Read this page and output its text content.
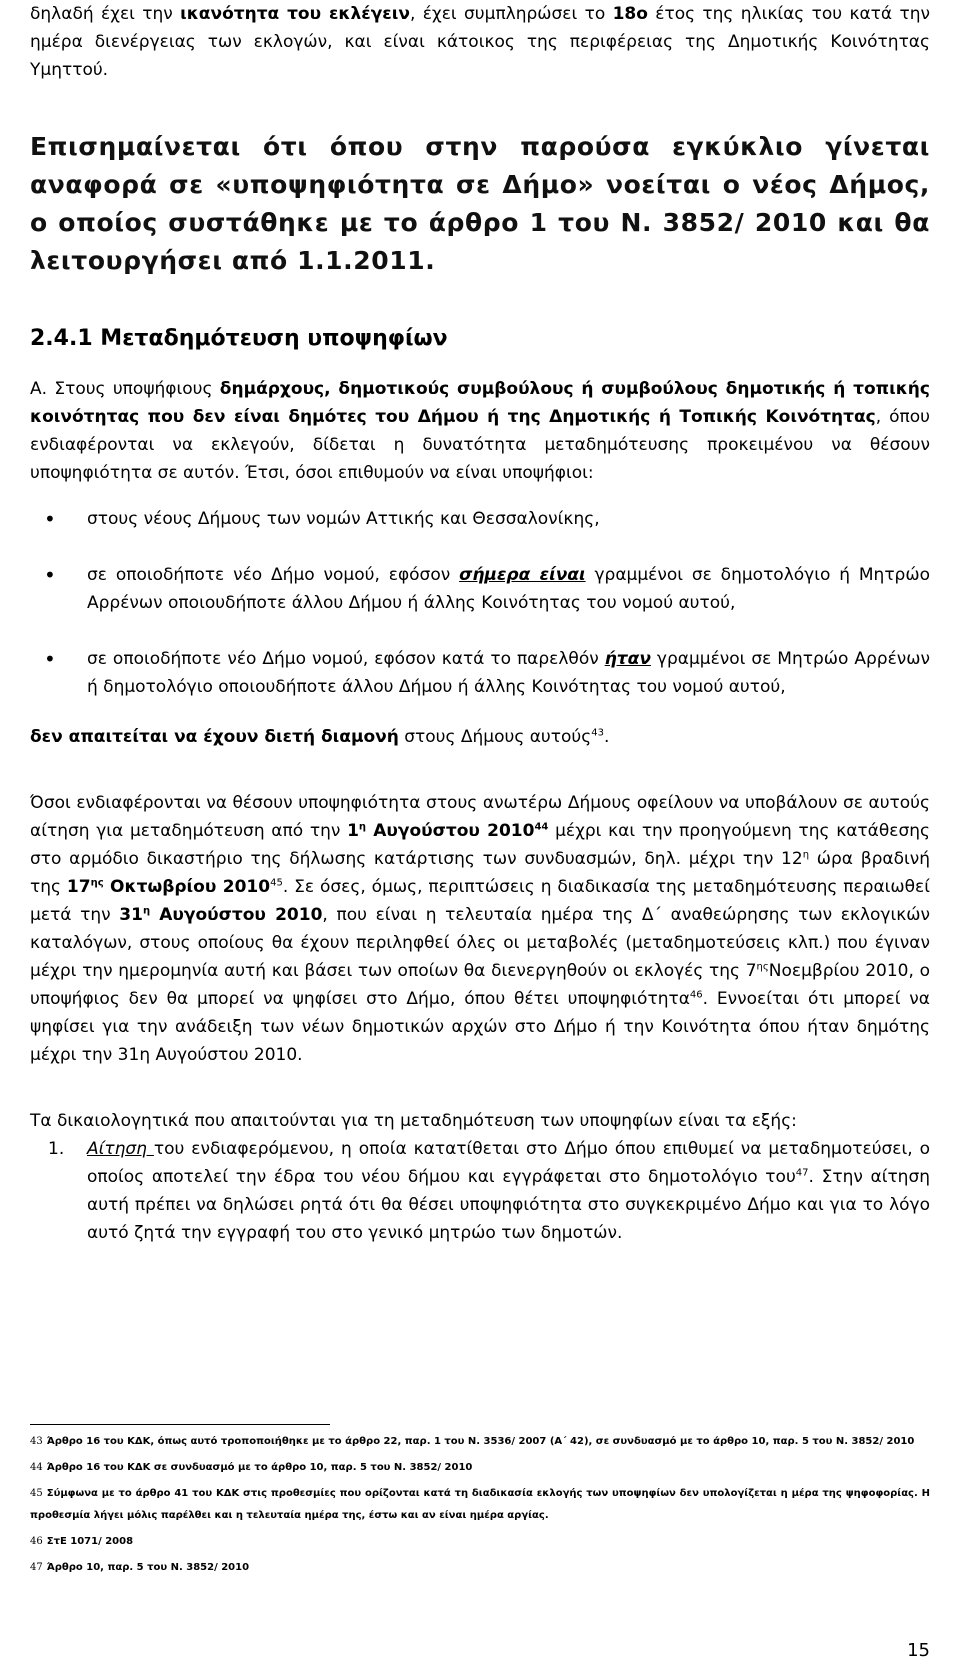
δηλαδή έχει την ικανότητα του εκλέγειν, έχει συμπληρώσει το 18ο έτος της ηλικίας του κατά την ημέρα διενέργειας των εκλογών, και είναι κάτοικος της περιφέρειας της Δημοτικής Κοινότητας Υμηττού.

Επισημαίνεται ότι όπου στην παρούσα εγκύκλιο γίνεται αναφορά σε «υποψηφιότητα σε Δήμο» νοείται ο νέος Δήμος, ο οποίος συστάθηκε με το άρθρο 1 του Ν. 3852/ 2010 και θα λειτουργήσει από 1.1.2011.

2.4.1 Μεταδημότευση υποψηφίων

Α. Στους υποψήφιους δημάρχους, δημοτικούς συμβούλους ή συμβούλους δημοτικής ή τοπικής κοινότητας που δεν είναι δημότες του Δήμου ή της Δημοτικής ή Τοπικής Κοινότητας, όπου ενδιαφέρονται να εκλεγούν, δίδεται η δυνατότητα μεταδημότευσης προκειμένου να θέσουν υποψηφιότητα σε αυτόν. Έτσι, όσοι επιθυμούν να είναι υποψήφιοι:

• στους νέους Δήμους των νομών Αττικής και Θεσσαλονίκης,
• σε οποιοδήποτε νέο Δήμο νομού, εφόσον σήμερα είναι γραμμένοι σε δημοτολόγιο ή Μητρώο Αρρένων οποιουδήποτε άλλου Δήμου ή άλλης Κοινότητας του νομού αυτού,
• σε οποιοδήποτε νέο Δήμο νομού, εφόσον κατά το παρελθόν ήταν γραμμένοι σε Μητρώο Αρρένων ή δημοτολόγιο οποιουδήποτε άλλου Δήμου ή άλλης Κοινότητας του νομού αυτού,

δεν απαιτείται να έχουν διετή διαμονή στους Δήμους αυτούς$^{43}$.

Όσοι ενδιαφέρονται να θέσουν υποψηφιότητα στους ανωτέρω Δήμους οφείλουν να υποβάλουν σε αυτούς αίτηση για μεταδημότευση από την $1^\eta$ Αυγούστου 2010$^{44}$ μέχρι και την προηγούμενη της κατάθεσης στο αρμόδιο δικαστήριο της δήλωσης κατάρτισης των συνδυασμών, δηλ. μέχρι την $12^\eta$ ώρα βραδινή της $17^{\eta\varsigma}$ Οκτωβρίου 2010$^{45}$. Σε όσες, όμως, περιπτώσεις η διαδικασία της μεταδημότευσης περαιωθεί μετά την $31^\eta$ Αυγούστου 2010, που είναι η τελευταία ημέρα της Δ΄ αναθεώρησης των εκλογικών καταλόγων, στους οποίους θα έχουν περιληφθεί όλες οι μεταβολές (μεταδημοτεύσεις κλπ.) που έγιναν μέχρι την ημερομηνία αυτή και βάσει των οποίων θα διενεργηθούν οι εκλογές της $7^{\eta\varsigma}No\varepsilon\mu\beta\rho ίo\upsilon$ 2010, ο υποψήφιος δεν θα μπορεί να ψηφίσει στο Δήμο, όπου θέτει υποψηφιότητα$^{46}$. Εννοείται ότι μπορεί να ψηφίσει για την ανάδειξη των νέων δημοτικών αρχών στο Δήμο ή την Κοινότητα όπου ήταν δημότης μέχρι την 31η Αυγούστου 2010.

Τα δικαιολογητικά που απαιτούνται για τη μεταδημότευση των υποψηφίων είναι τα εξής:

1. Αίτηση του ενδιαφερόμενου, η οποία κατατίθεται στο Δήμο όπου επιθυμεί να μεταδημοτεύσει, ο οποίος αποτελεί την έδρα του νέου δήμου και εγγράφεται στο δημοτολόγιο του$^{47}$. Στην αίτηση αυτή πρέπει να δηλώσει ρητά ότι θα θέσει υποψηφιότητα στο συγκεκριμένο Δήμο και για το λόγο αυτό ζητά την εγγραφή του στο γενικό μητρώο των δημοτών.

43 Άρθρο 16 του ΚΔΚ, όπως αυτό τροποποιήθηκε με το άρθρο 22, παρ. 1 του Ν. 3536/ 2007 (Α΄ 42), σε συνδυασμό με το άρθρο 10, παρ. 5 του Ν. 3852/ 2010

44 Άρθρο 16 του ΚΔΚ σε συνδυασμό με το άρθρο 10, παρ. 5 του Ν. 3852/ 2010

45 Σύμφωνα με το άρθρο 41 του ΚΔΚ στις προθεσμίες που ορίζονται κατά τη διαδικασία εκλογής των υποψηφίων δεν υπολογίζεται η μέρα της ψηφοφορίας. Η προθεσμία λήγει μόλις παρέλθει και η τελευταία ημέρα της, έστω και αν είναι ημέρα αργίας.

46 ΣτΕ 1071/ 2008

47 Άρθρο 10, παρ. 5 του Ν. 3852/ 2010

15
